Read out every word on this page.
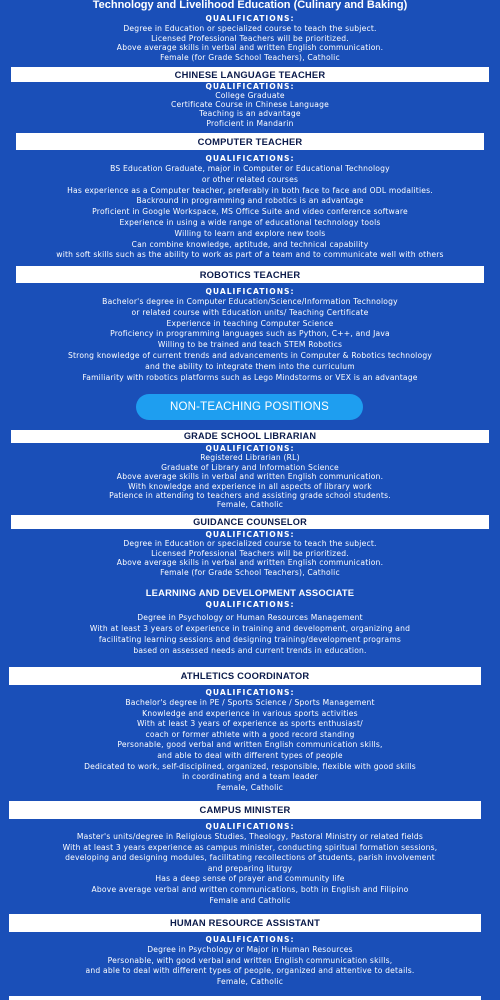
Technology and Livelihood Education (Culinary and Baking)
QUALIFICATIONS:
Degree in Education or specialized course to teach the subject.
Licensed Professional Teachers will be prioritized.
Above average skills in verbal and written English communication.
Female (for Grade School Teachers), Catholic
CHINESE LANGUAGE TEACHER
QUALIFICATIONS:
College Graduate
Certificate Course in Chinese Language
Teaching is an advantage
Proficient in Mandarin
COMPUTER TEACHER
QUALIFICATIONS:
BS Education Graduate, major in Computer or Educational Technology
or other related courses
Has experience as a Computer teacher, preferably in both face to face and ODL modalities.
Backround in programming and robotics is an advantage
Proficient in Google Workspace, MS Office Suite and video conference software
Experience in using a wide range of educational technology tools
Willing to learn and explore new tools
Can combine knowledge, aptitude, and technical capability
with soft skills such as the ability to work as part of a team and to communicate well with others
ROBOTICS TEACHER
QUALIFICATIONS:
Bachelor's degree in Computer Education/Science/Information Technology
or related course with Education units/ Teaching Certificate
Experience in teaching Computer Science
Proficiency in programming languages such as Python, C++, and Java
Willing to be trained and teach STEM Robotics
Strong knowledge of current trends and advancements in Computer & Robotics technology
and the ability to integrate them into the curriculum
Familiarity with robotics platforms such as Lego Mindstorms or VEX is an advantage
NON-TEACHING POSITIONS
GRADE SCHOOL LIBRARIAN
QUALIFICATIONS:
Registered Librarian (RL)
Graduate of Library and Information Science
Above average skills in verbal and written English communication.
With knowledge and experience in all aspects of library work
Patience in attending to teachers and assisting grade school students.
Female, Catholic
GUIDANCE COUNSELOR
QUALIFICATIONS:
Degree in Education or specialized course to teach the subject.
Licensed Professional Teachers will be prioritized.
Above average skills in verbal and written English communication.
Female (for Grade School Teachers), Catholic
LEARNING AND DEVELOPMENT ASSOCIATE
QUALIFICATIONS:
Degree in Psychology or Human Resources Management
With at least 3 years of experience in training and development, organizing and
facilitating learning sessions and designing training/development programs
based on assessed needs and current trends in education.
ATHLETICS COORDINATOR
QUALIFICATIONS:
Bachelor's degree in PE / Sports Science / Sports Management
Knowledge and experience in various sports activities
With at least 3 years of experience as sports enthusiast/
coach or former athlete with a good record standing
Personable, good verbal and written English communication skills,
and able to deal with different types of people
Dedicated to work, self-disciplined, organized, responsible, flexible with good skills
in coordinating and a team leader
Female, Catholic
CAMPUS MINISTER
QUALIFICATIONS:
Master's units/degree in Religious Studies, Theology, Pastoral Ministry or related fields
With at least 3 years experience as campus minister, conducting spiritual formation sessions,
developing and designing modules, facilitating recollections of students, parish involvement
and preparing liturgy
Has a deep sense of prayer and community life
Above average verbal and written communications, both in English and Filipino
Female and Catholic
HUMAN RESOURCE ASSISTANT
QUALIFICATIONS:
Degree in Psychology or Major in Human Resources
Personable, with good verbal and written English communication skills,
and able to deal with different types of people, organized and attentive to details.
Female, Catholic
